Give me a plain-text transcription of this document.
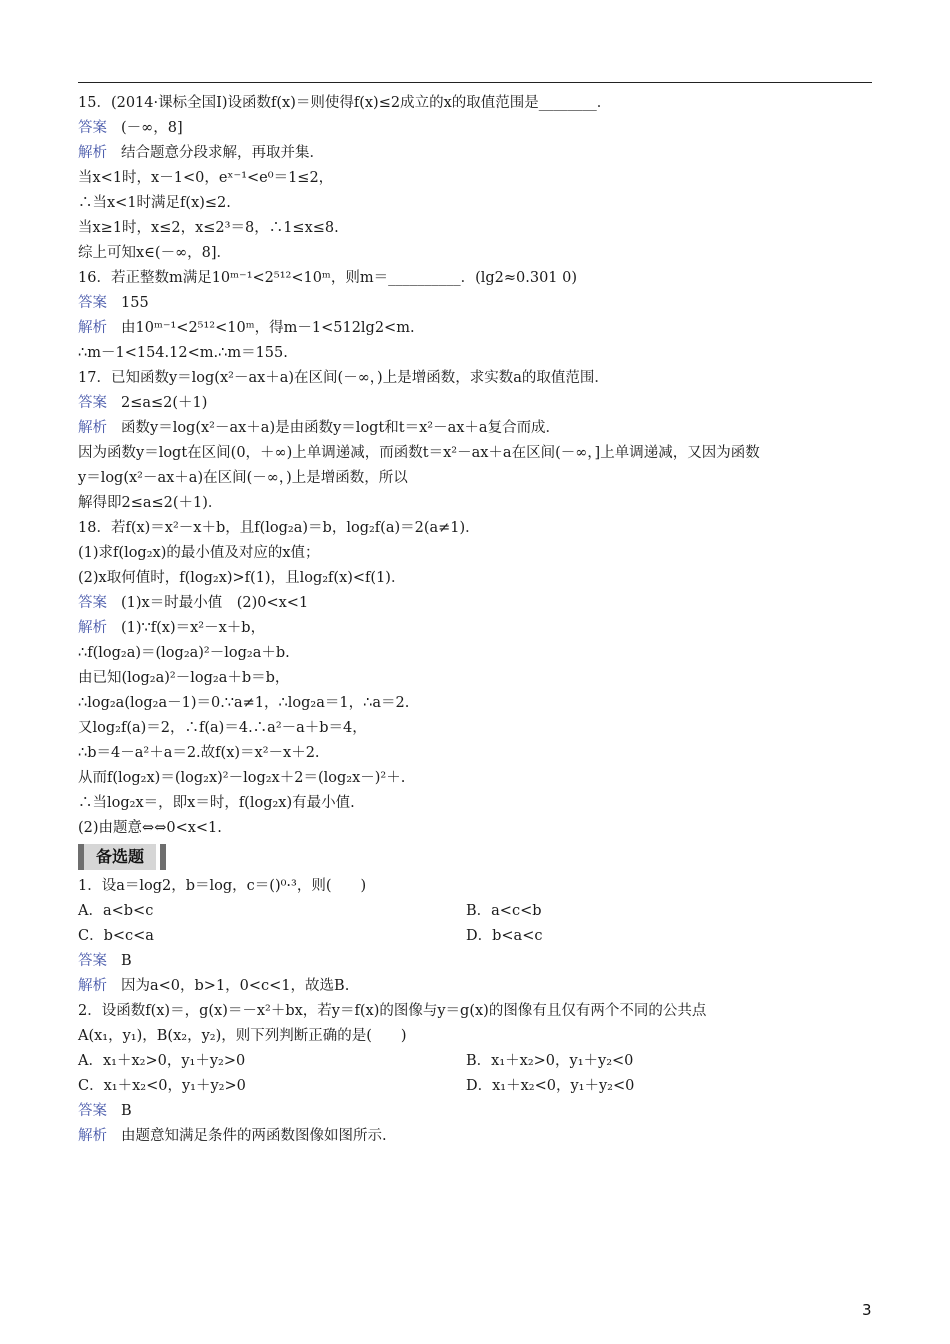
15．(2014·课标全国Ⅰ)设函数f(x)＝则使得f(x)≤2成立的x的取值范围是________．
答案 (－∞，8]
解析 结合题意分段求解，再取并集．
当x<1时，x－1<0，eˣ⁻¹<e⁰＝1≤2，
∴当x<1时满足f(x)≤2.
当x≥1时，x≤2，x≤2³＝8，∴1≤x≤8.
综上可知x∈(－∞，8]．
16．若正整数m满足10ᵐ⁻¹<2⁵¹²<10ᵐ，则m＝__________．(lg2≈0.301 0)
答案 155
解析 由10ᵐ⁻¹<2⁵¹²<10ᵐ，得m－1<512lg2<m.
∴m－1<154.12<m.∴m＝155.
17．已知函数y＝log(x²－ax＋a)在区间(－∞，)上是增函数，求实数a的取值范围．
答案 2≤a≤2(＋1)
解析 函数y＝log(x²－ax＋a)是由函数y＝logt和t＝x²－ax＋a复合而成．
因为函数y＝logt在区间(0，＋∞)上单调递减，而函数t＝x²－ax＋a在区间(－∞，]上单调递减，又因为函数
y＝log(x²－ax＋a)在区间(－∞，)上是增函数，所以
解得即2≤a≤2(＋1)．
18．若f(x)＝x²－x＋b，且f(log₂a)＝b，log₂f(a)＝2(a≠1)．
(1)求f(log₂x)的最小值及对应的x值；
(2)x取何值时，f(log₂x)>f(1)，且log₂f(x)<f(1)．
答案 (1)x＝时最小值　(2)0<x<1
解析 (1)∵f(x)＝x²－x＋b，
∴f(log₂a)＝(log₂a)²－log₂a＋b.
由已知(log₂a)²－log₂a＋b＝b，
∴log₂a(log₂a－1)＝0.∵a≠1，∴log₂a＝1，∴a＝2.
又log₂f(a)＝2，∴f(a)＝4.∴a²－a＋b＝4，
∴b＝4－a²＋a＝2.故f(x)＝x²－x＋2.
从而f(log₂x)＝(log₂x)²－log₂x＋2＝(log₂x－)²＋.
∴当log₂x＝，即x＝时，f(log₂x)有最小值.
(2)由题意⇔⇔0<x<1.
备选题
1．设a＝log2，b＝log，c＝()⁰·³，则(　　)
A．a<b<c	B．a<c<b
C．b<c<a	D．b<a<c
答案 B
解析 因为a<0，b>1，0<c<1，故选B.
2．设函数f(x)＝，g(x)＝－x²＋bx，若y＝f(x)的图像与y＝g(x)的图像有且仅有两个不同的公共点
A(x₁，y₁)，B(x₂，y₂)，则下列判断正确的是(　　)
A．x₁＋x₂>0，y₁＋y₂>0	B．x₁＋x₂>0，y₁＋y₂<0
C．x₁＋x₂<0，y₁＋y₂>0	D．x₁＋x₂<0，y₁＋y₂<0
答案 B
解析 由题意知满足条件的两函数图像如图所示.
3
